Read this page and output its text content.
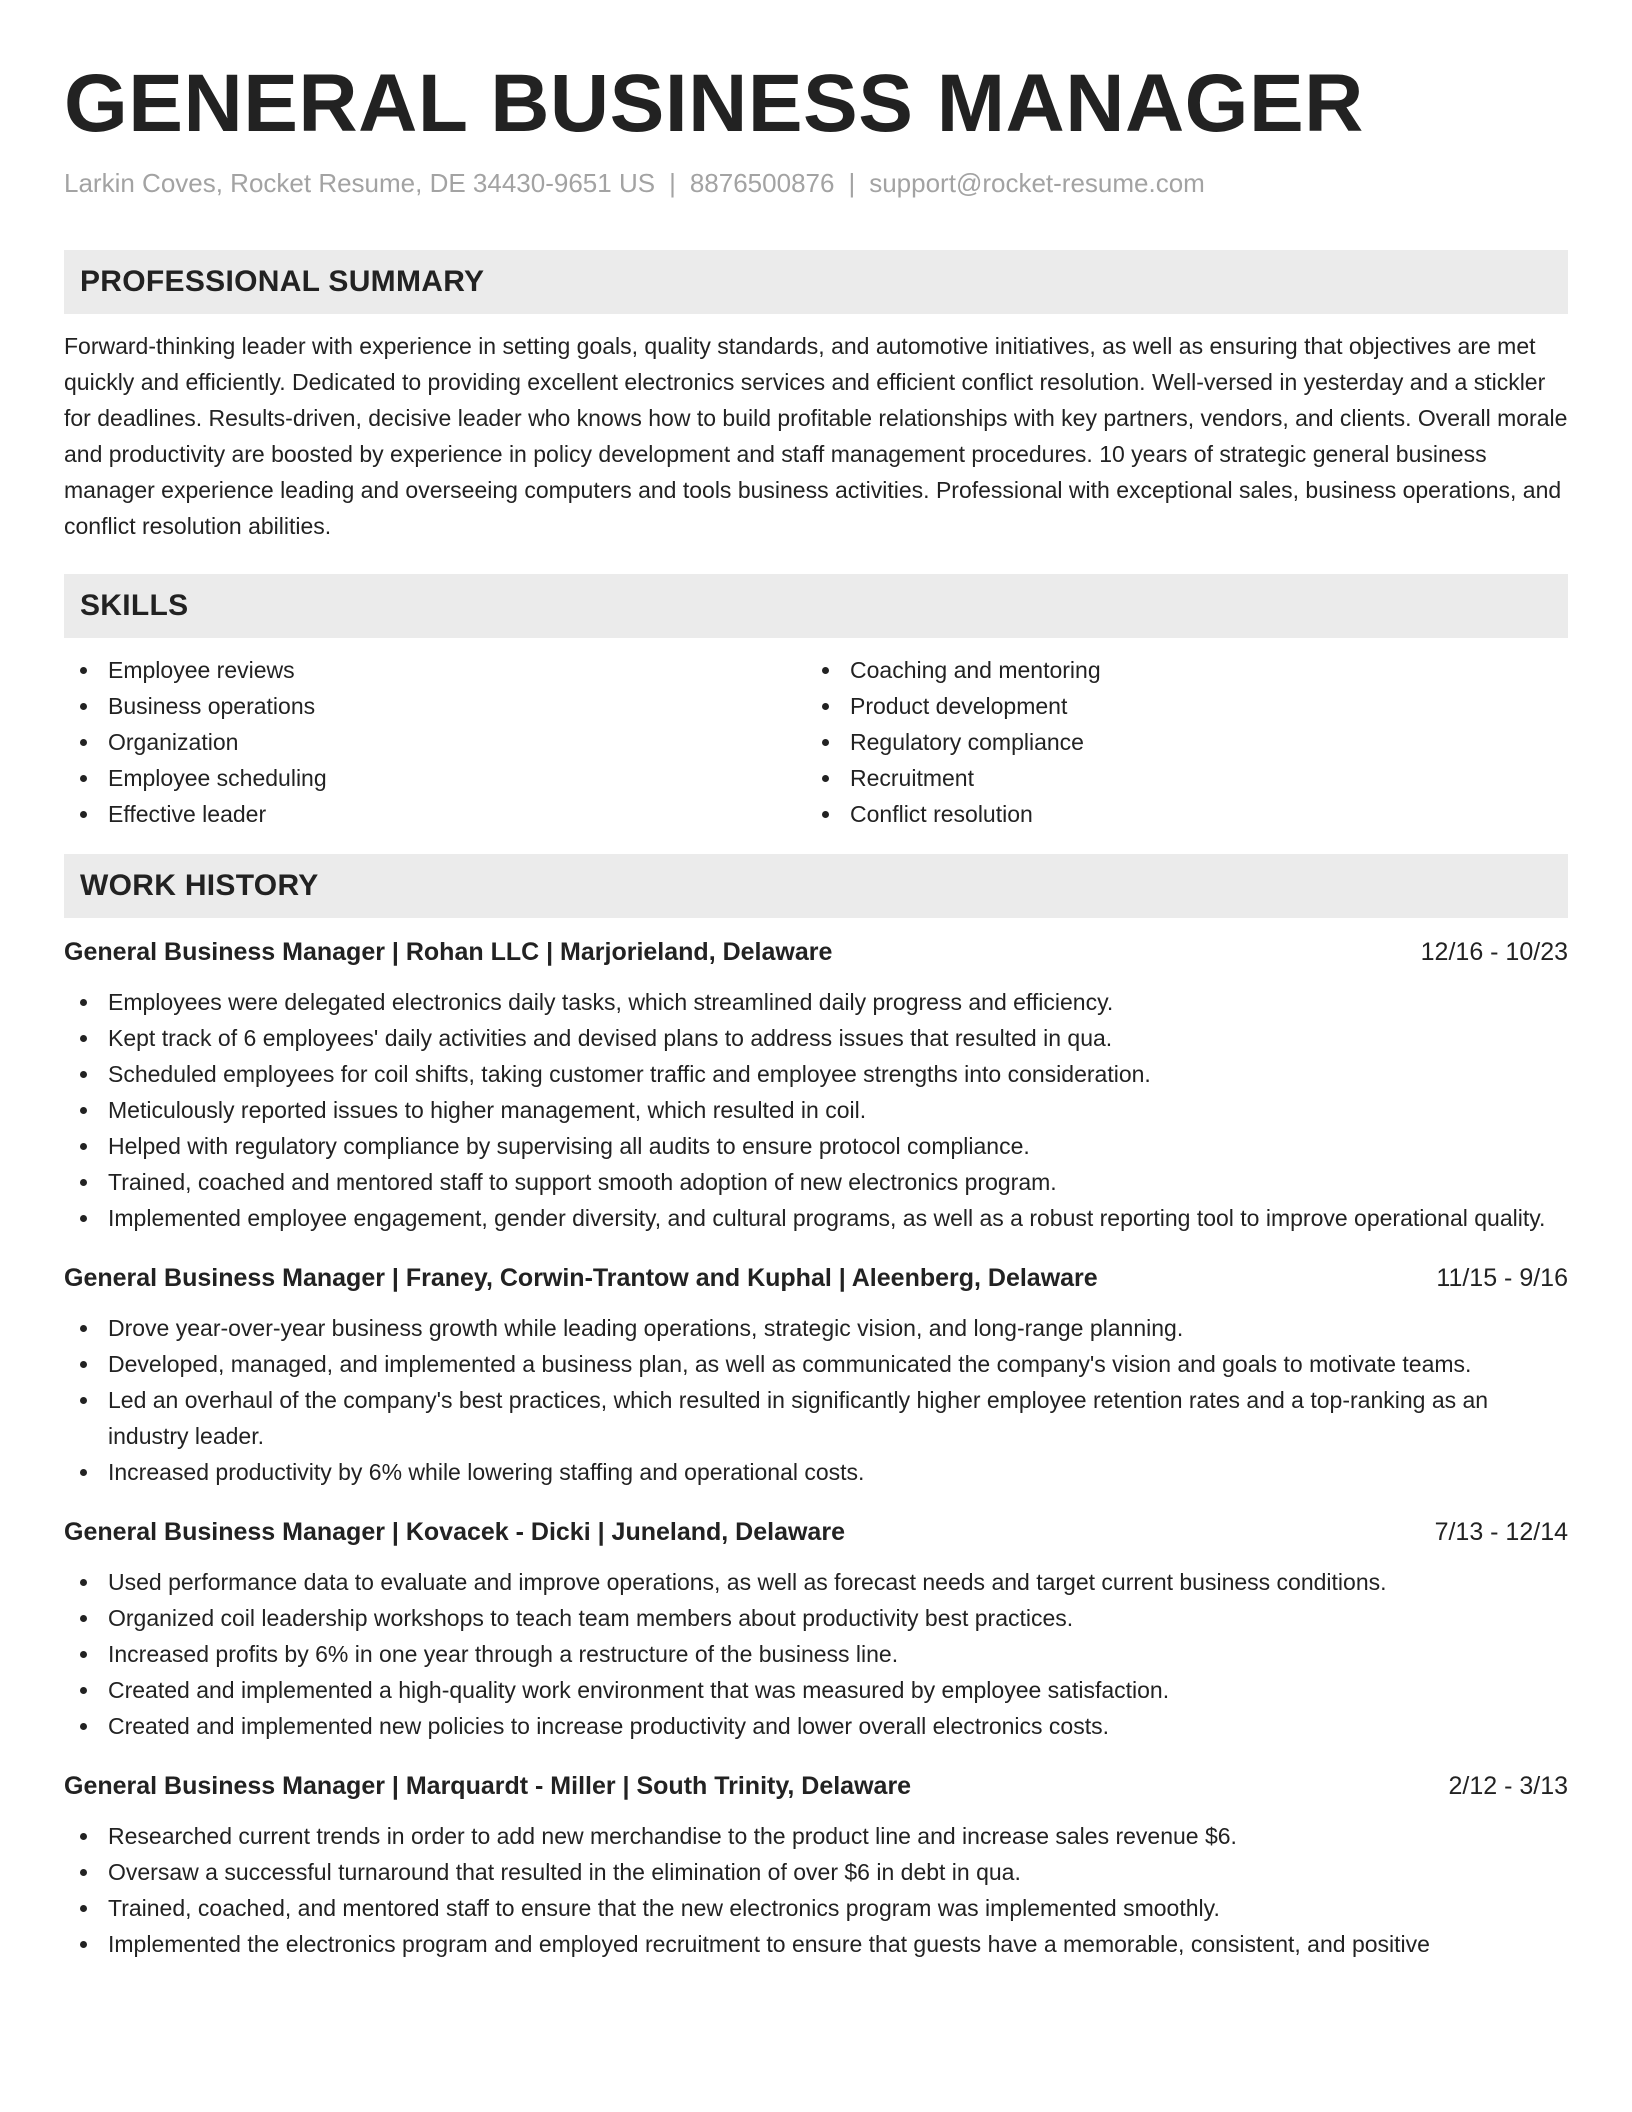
GENERAL BUSINESS MANAGER
Larkin Coves, Rocket Resume, DE 34430-9651 US | 8876500876 | support@rocket-resume.com
PROFESSIONAL SUMMARY

Forward-thinking leader with experience in setting goals, quality standards, and automotive initiatives, as well as ensuring that objectives are met quickly and efficiently. Dedicated to providing excellent electronics services and efficient conflict resolution. Well-versed in yesterday and a stickler for deadlines. Results-driven, decisive leader who knows how to build profitable relationships with key partners, vendors, and clients. Overall morale and productivity are boosted by experience in policy development and staff management procedures. 10 years of strategic general business manager experience leading and overseeing computers and tools business activities. Professional with exceptional sales, business operations, and conflict resolution abilities.

SKILLS
Employee reviews
Business operations
Organization
Employee scheduling
Effective leader
Coaching and mentoring
Product development
Regulatory compliance
Recruitment
Conflict resolution
WORK HISTORY
General Business Manager | Rohan LLC | Marjorieland, Delaware	12/16 - 10/23
Employees were delegated electronics daily tasks, which streamlined daily progress and efficiency.
Kept track of 6 employees' daily activities and devised plans to address issues that resulted in qua.
Scheduled employees for coil shifts, taking customer traffic and employee strengths into consideration.
Meticulously reported issues to higher management, which resulted in coil.
Helped with regulatory compliance by supervising all audits to ensure protocol compliance.
Trained, coached and mentored staff to support smooth adoption of new electronics program.
Implemented employee engagement, gender diversity, and cultural programs, as well as a robust reporting tool to improve operational quality.
General Business Manager | Franey, Corwin-Trantow and Kuphal | Aleenberg, Delaware	11/15 - 9/16
Drove year-over-year business growth while leading operations, strategic vision, and long-range planning.
Developed, managed, and implemented a business plan, as well as communicated the company's vision and goals to motivate teams.
Led an overhaul of the company's best practices, which resulted in significantly higher employee retention rates and a top-ranking as an industry leader.
Increased productivity by 6% while lowering staffing and operational costs.
General Business Manager | Kovacek - Dicki | Juneland, Delaware	7/13 - 12/14
Used performance data to evaluate and improve operations, as well as forecast needs and target current business conditions.
Organized coil leadership workshops to teach team members about productivity best practices.
Increased profits by 6% in one year through a restructure of the business line.
Created and implemented a high-quality work environment that was measured by employee satisfaction.
Created and implemented new policies to increase productivity and lower overall electronics costs.
General Business Manager | Marquardt - Miller | South Trinity, Delaware	2/12 - 3/13
Researched current trends in order to add new merchandise to the product line and increase sales revenue $6.
Oversaw a successful turnaround that resulted in the elimination of over $6 in debt in qua.
Trained, coached, and mentored staff to ensure that the new electronics program was implemented smoothly.
Implemented the electronics program and employed recruitment to ensure that guests have a memorable, consistent, and positive
